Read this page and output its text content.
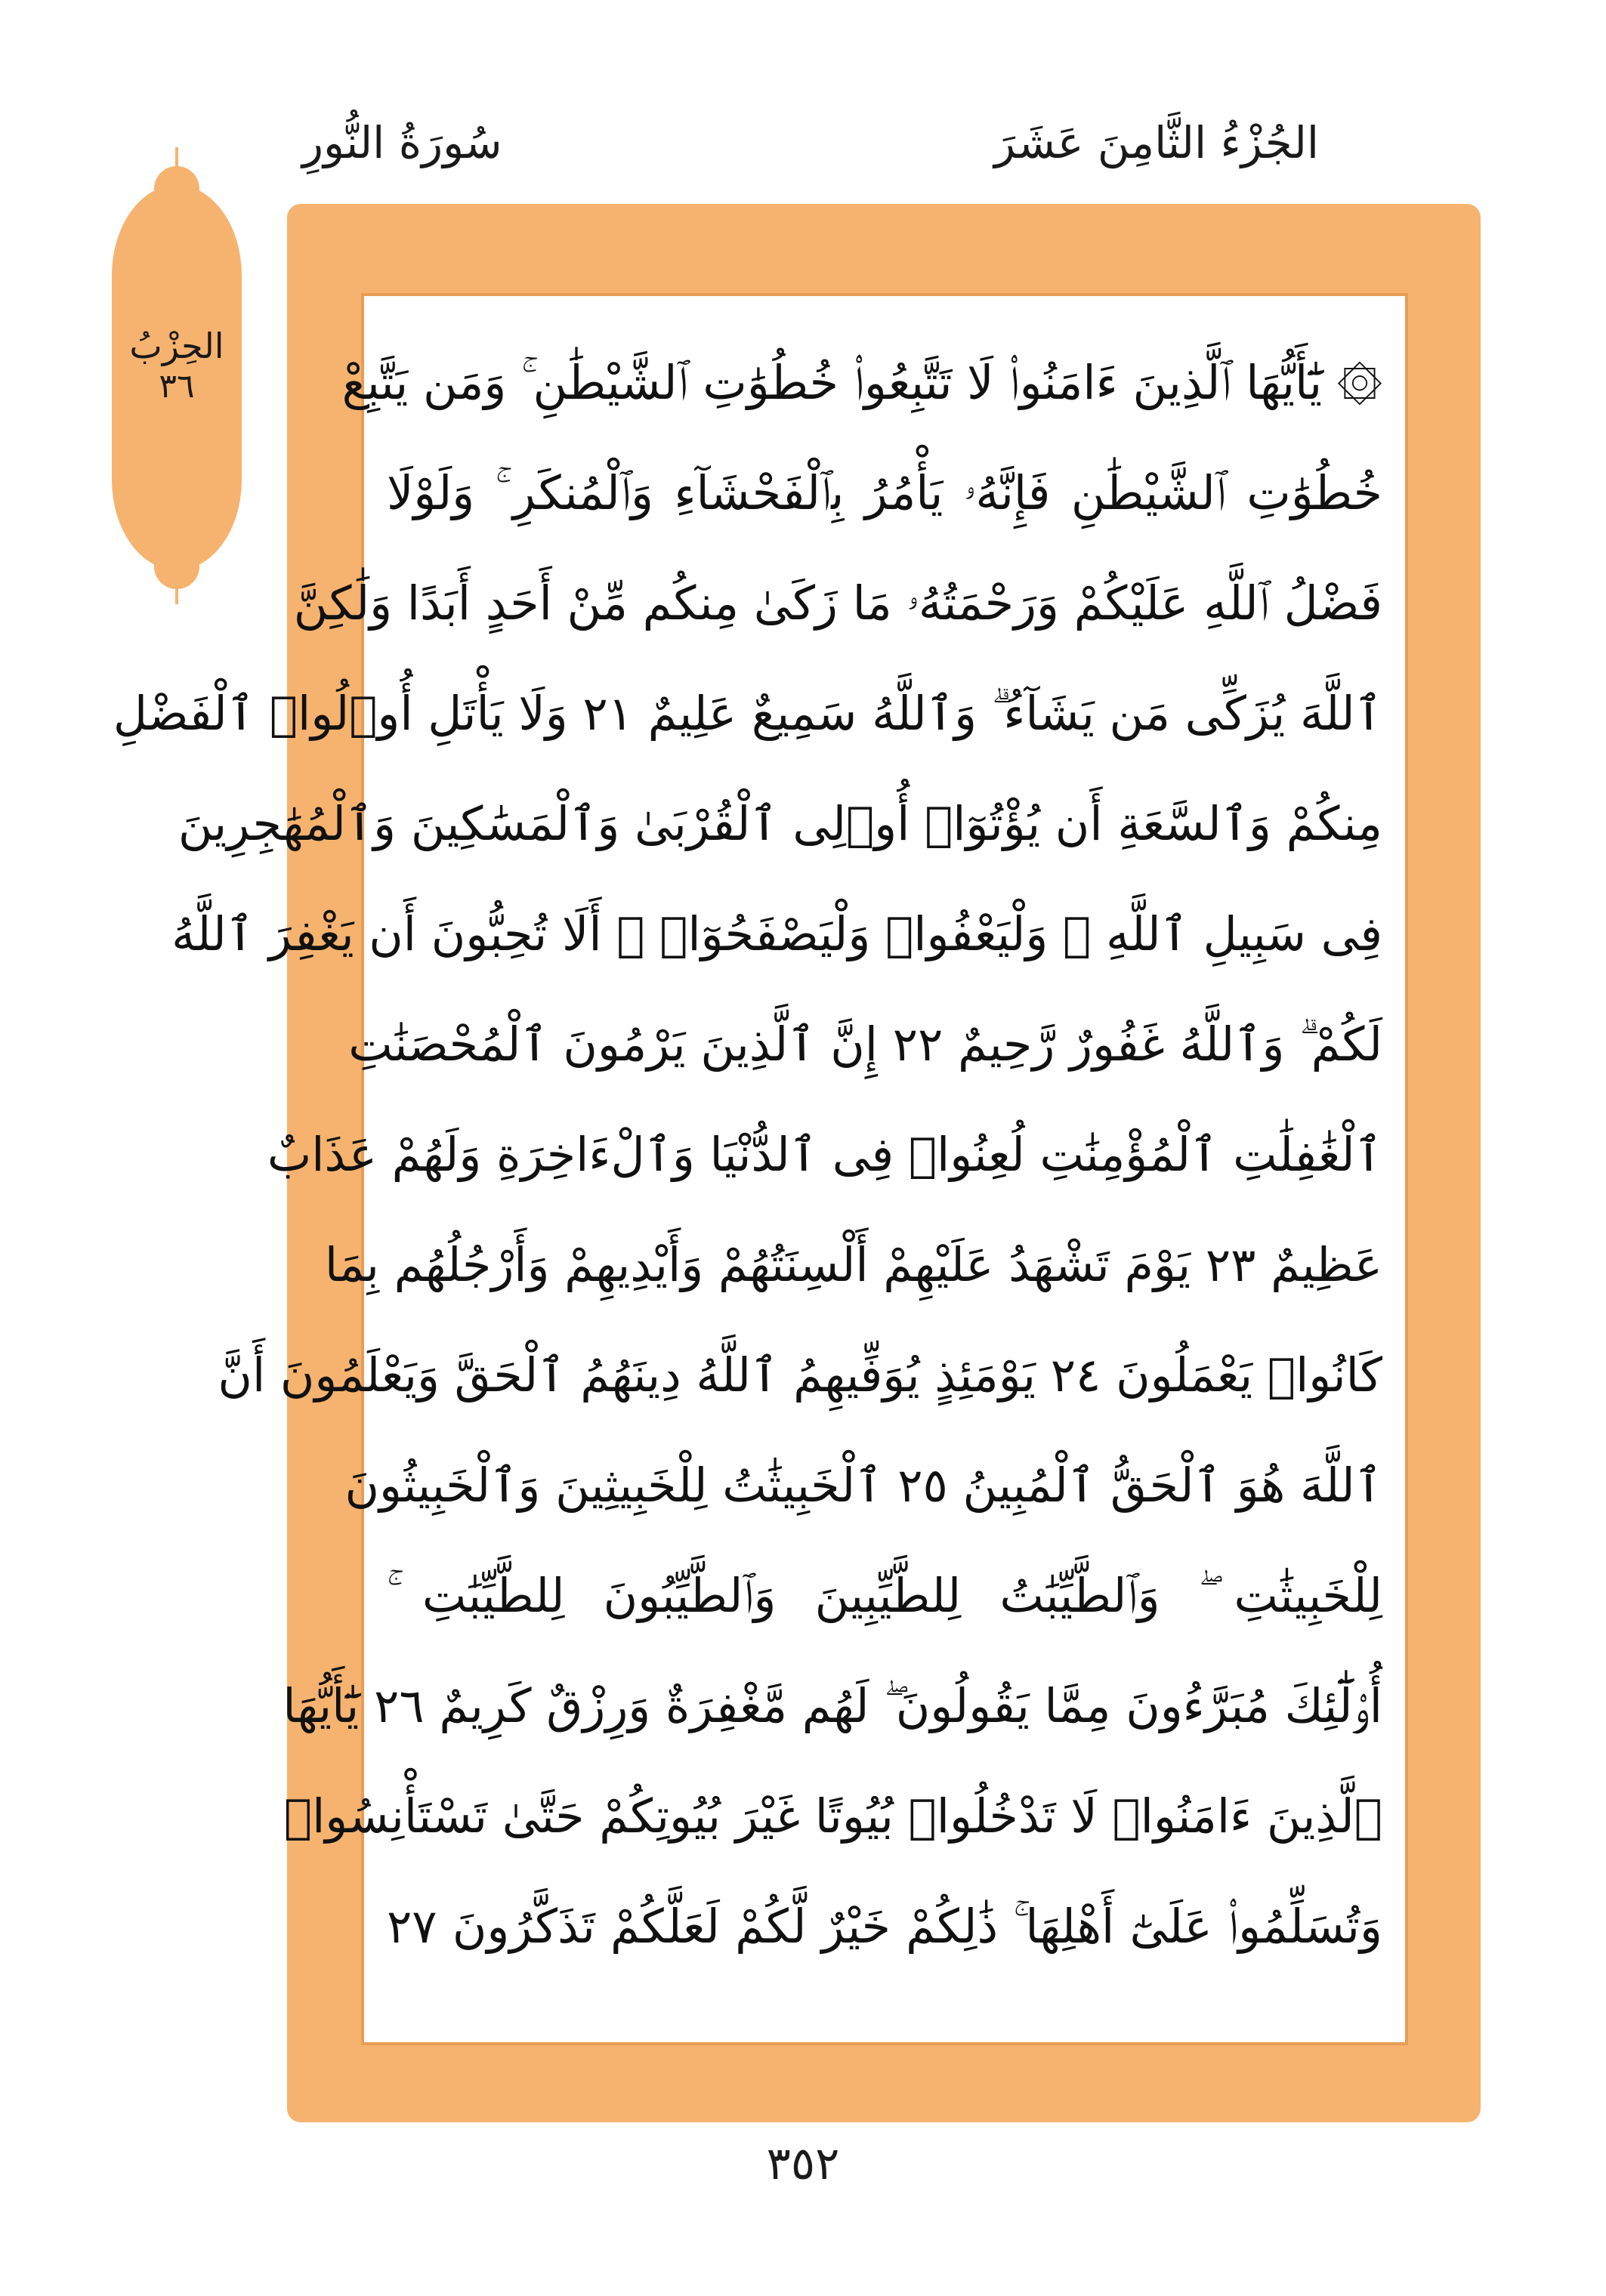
الجُزْءُ الثَّامِنَ عَشَرَ
سُورَةُ النُّورِ
الحِزْبُ
٣٦	۞ يَٰٓأَيُّهَا ٱلَّذِينَ ءَامَنُوا۟ لَا تَتَّبِعُوا۟ خُطُوَٰتِ ٱلشَّيْطَٰنِ ۚ وَمَن يَتَّبِعْ
خُطُوَٰتِ ٱلشَّيْطَٰنِ فَإِنَّهُۥ يَأْمُرُ بِٱلْفَحْشَآءِ وَٱلْمُنكَرِ ۚ وَلَوْلَا
فَضْلُ ٱللَّهِ عَلَيْكُمْ وَرَحْمَتُهُۥ مَا زَكَىٰ مِنكُم مِّنْ أَحَدٍ أَبَدًا وَلَٰكِنَّ
ٱللَّهَ يُزَكِّى مَن يَشَآءُ ۗ وَٱللَّهُ سَمِيعٌ عَلِيمٌ ٢١ وَلَا يَأْتَلِ أُو۟لُوا۟ ٱلْفَضْلِ
مِنكُمْ وَٱلسَّعَةِ أَن يُؤْتُوٓا۟ أُو۟لِى ٱلْقُرْبَىٰ وَٱلْمَسَٰكِينَ وَٱلْمُهَٰجِرِينَ
فِى سَبِيلِ ٱللَّهِ ۖ وَلْيَعْفُوا۟ وَلْيَصْفَحُوٓا۟ ۗ أَلَا تُحِبُّونَ أَن يَغْفِرَ ٱللَّهُ
لَكُمْ ۗ وَٱللَّهُ غَفُورٌ رَّحِيمٌ ٢٢ إِنَّ ٱلَّذِينَ يَرْمُونَ ٱلْمُحْصَنَٰتِ
ٱلْغَٰفِلَٰتِ ٱلْمُؤْمِنَٰتِ لُعِنُوا۟ فِى ٱلدُّنْيَا وَٱلْءَاخِرَةِ وَلَهُمْ عَذَابٌ
عَظِيمٌ ٢٣ يَوْمَ تَشْهَدُ عَلَيْهِمْ أَلْسِنَتُهُمْ وَأَيْدِيهِمْ وَأَرْجُلُهُم بِمَا
كَانُوا۟ يَعْمَلُونَ ٢٤ يَوْمَئِذٍ يُوَفِّيهِمُ ٱللَّهُ دِينَهُمُ ٱلْحَقَّ وَيَعْلَمُونَ أَنَّ
ٱللَّهَ هُوَ ٱلْحَقُّ ٱلْمُبِينُ ٢٥ ٱلْخَبِيثَٰتُ لِلْخَبِيثِينَ وَٱلْخَبِيثُونَ
لِلْخَبِيثَٰتِ ۖ وَٱلطَّيِّبَٰتُ لِلطَّيِّبِينَ وَٱلطَّيِّبُونَ لِلطَّيِّبَٰتِ ۚ
أُو۟لَٰٓئِكَ مُبَرَّءُونَ مِمَّا يَقُولُونَ ۖ لَهُم مَّغْفِرَةٌ وَرِزْقٌ كَرِيمٌ ٢٦ يَٰٓأَيُّهَا
ٱلَّذِينَ ءَامَنُوا۟ لَا تَدْخُلُوا۟ بُيُوتًا غَيْرَ بُيُوتِكُمْ حَتَّىٰ تَسْتَأْنِسُوا۟
وَتُسَلِّمُوا۟ عَلَىٰٓ أَهْلِهَا ۚ ذَٰلِكُمْ خَيْرٌ لَّكُمْ لَعَلَّكُمْ تَذَكَّرُونَ ٢٧
٣٥٢
